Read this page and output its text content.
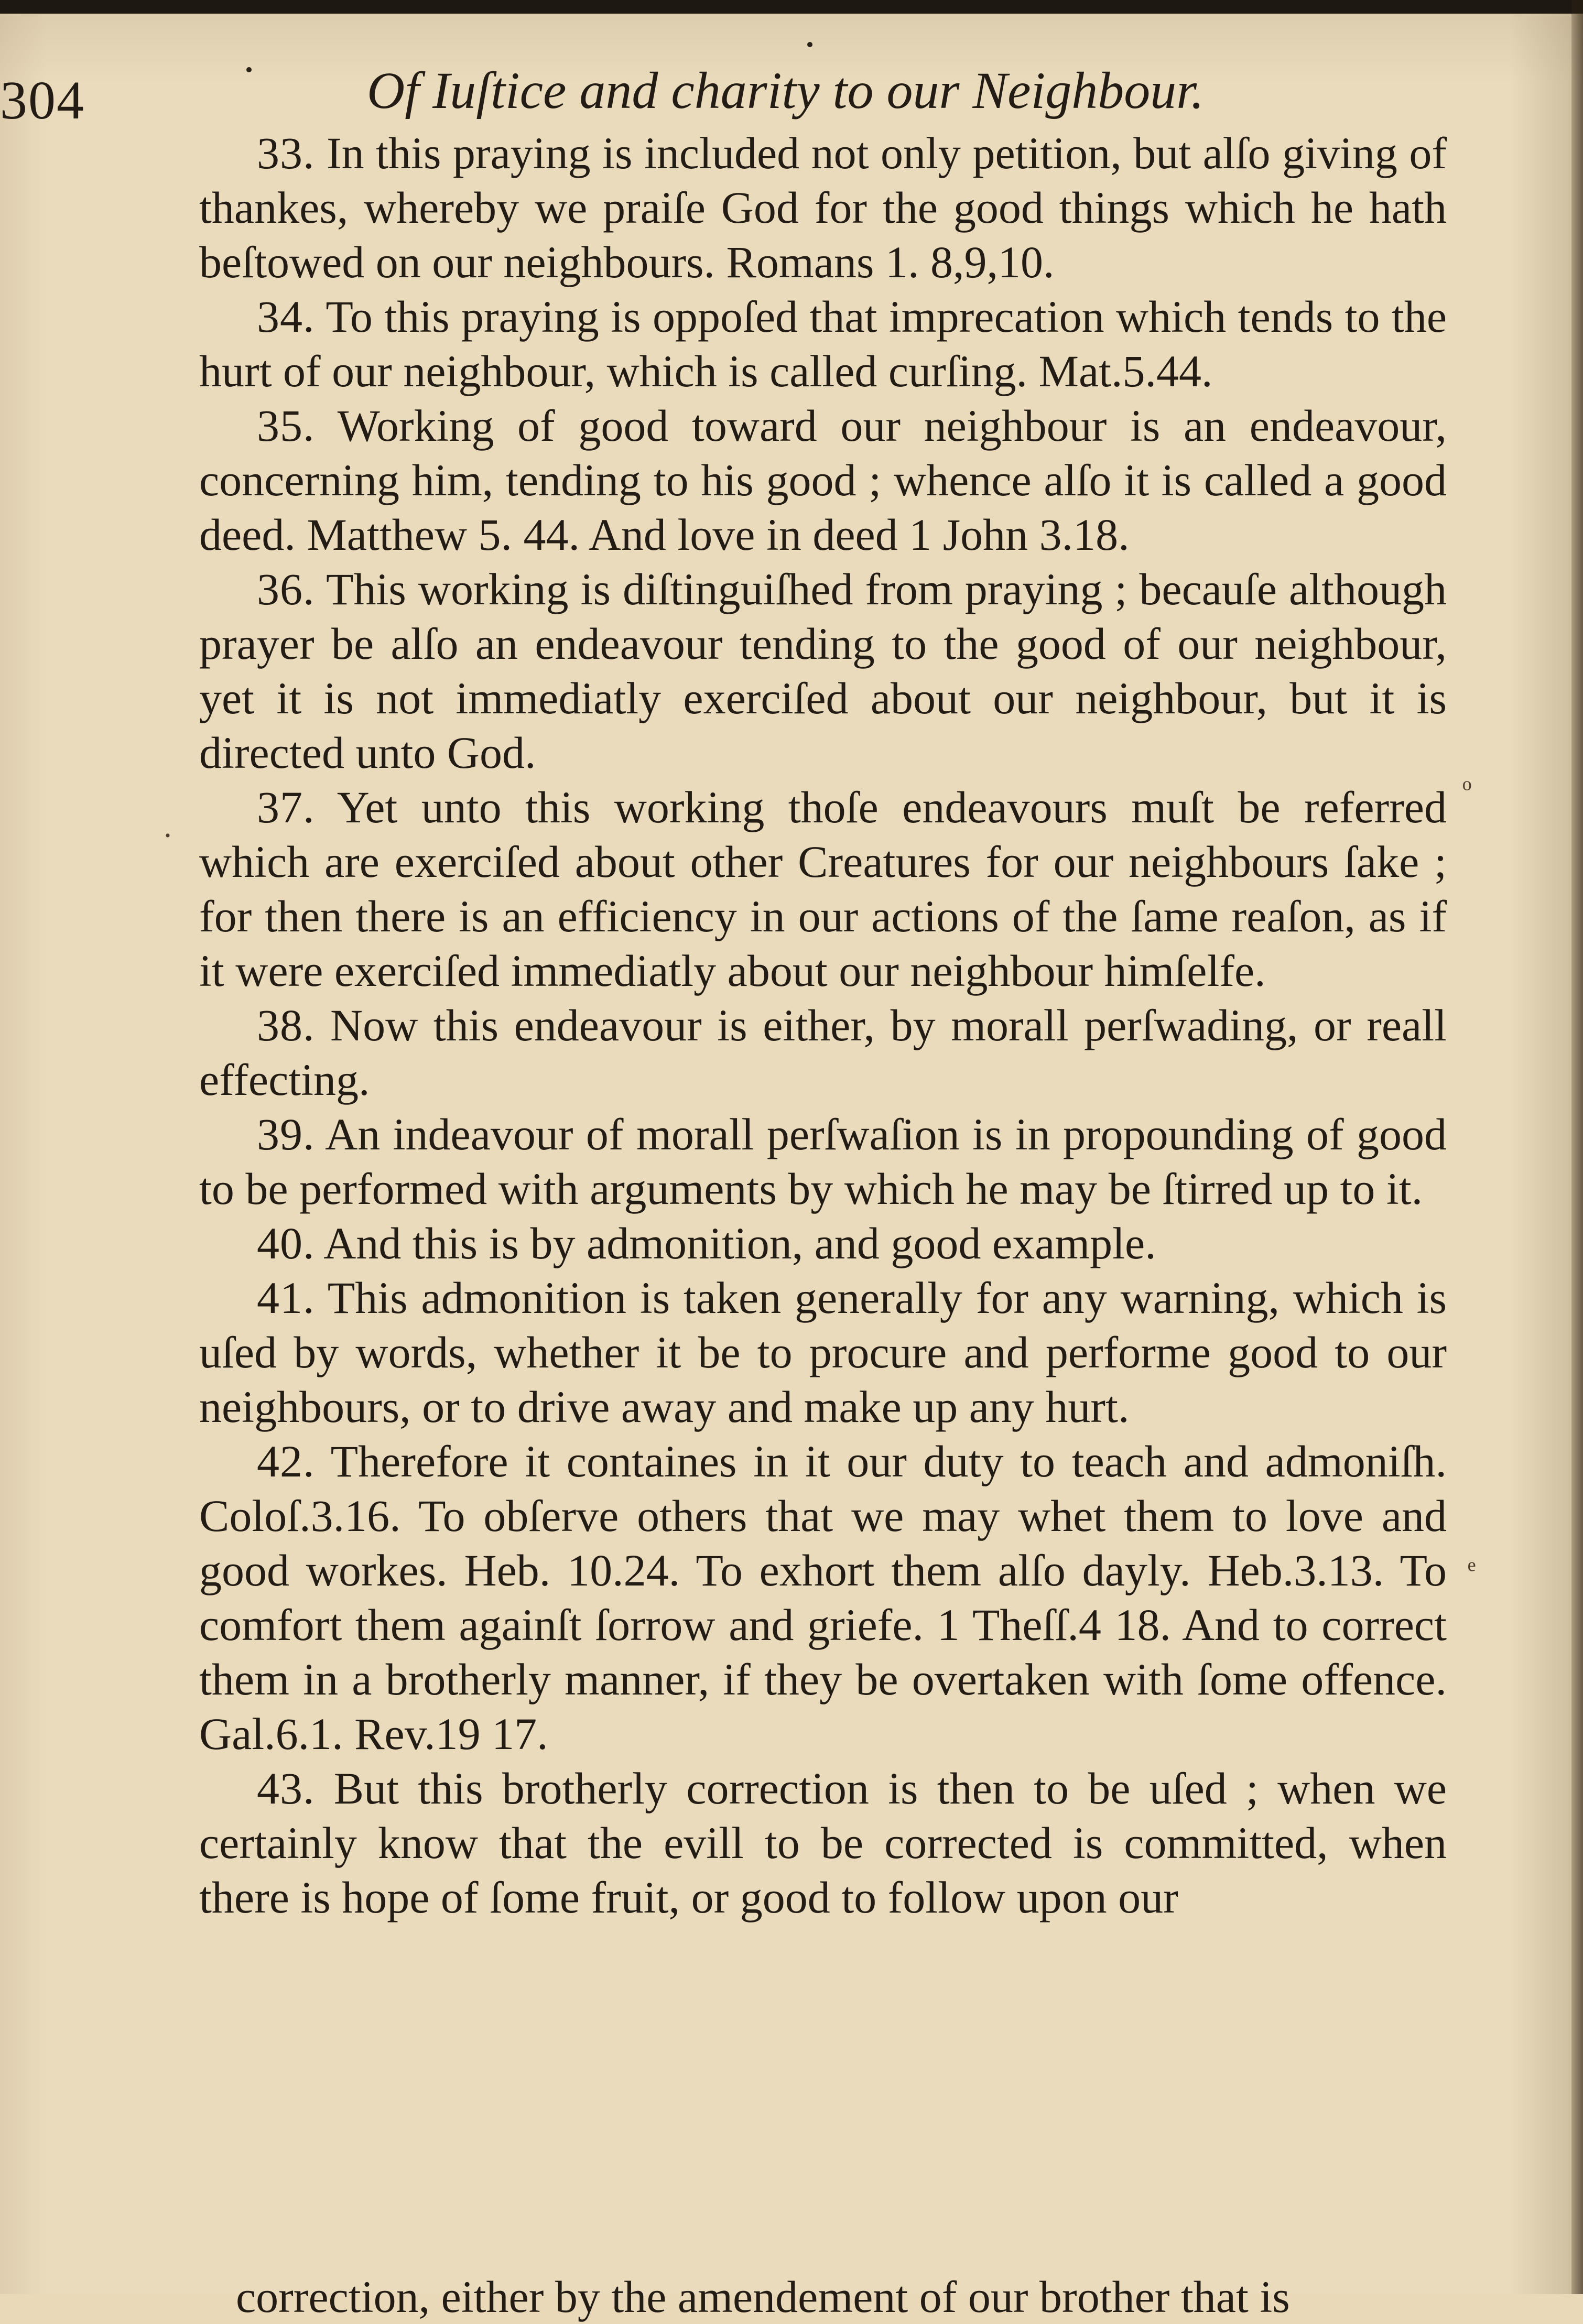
304	Of Iuſtice and charity to our Neighbour.

33. In this praying is included not only petition, but alſo giving of thankes, whereby we praiſe God for the good things which he hath beſtowed on our neighbours. Romans 1. 8,9,10.

34. To this praying is oppoſed that imprecation which tends to the hurt of our neighbour, which is called curſing. Mat.5.44.

35. Working of good toward our neighbour is an endeavour, concerning him, tending to his good ; whence alſo it is called a good deed. Matthew 5. 44. And love in deed 1 John 3.18.

36. This working is diſtinguiſhed from praying ; becauſe although prayer be alſo an endeavour tending to the good of our neighbour, yet it is not immediatly exerciſed about our neighbour, but it is directed unto God.

37. Yet unto this working thoſe endeavours muſt be referred which are exerciſed about other Creatures for our neighbours ſake ; for then there is an efficiency in our actions of the ſame reaſon, as if it were exerciſed immediatly about our neighbour himſelfe.

38. Now this endeavour is either, by morall perſwading, or reall effecting.

39. An indeavour of morall perſwaſion is in propounding of good to be performed with arguments by which he may be ſtirred up to it.

40. And this is by admonition, and good example.

41. This admonition is taken generally for any warning, which is uſed by words, whether it be to procure and performe good to our neighbours, or to drive away and make up any hurt.

42. Therefore it containes in it our duty to teach and admoniſh. Coloſ.3.16. To obſerve others that we may whet them to love and good workes. Heb. 10.24. To exhort them alſo dayly. Heb.3.13. To comfort them againſt ſorrow and griefe. 1 Theſſ.4 18. And to correct them in a brotherly manner, if they be overtaken with ſome offence. Gal.6.1. Rev.19 17.

43. But this brotherly correction is then to be uſed ; when we certainly know that the evill to be corrected is committed, when there is hope of ſome fruit, or good to follow upon our

correction, either by the amendement of our brother that is
ᵒ
ᵉ
·
